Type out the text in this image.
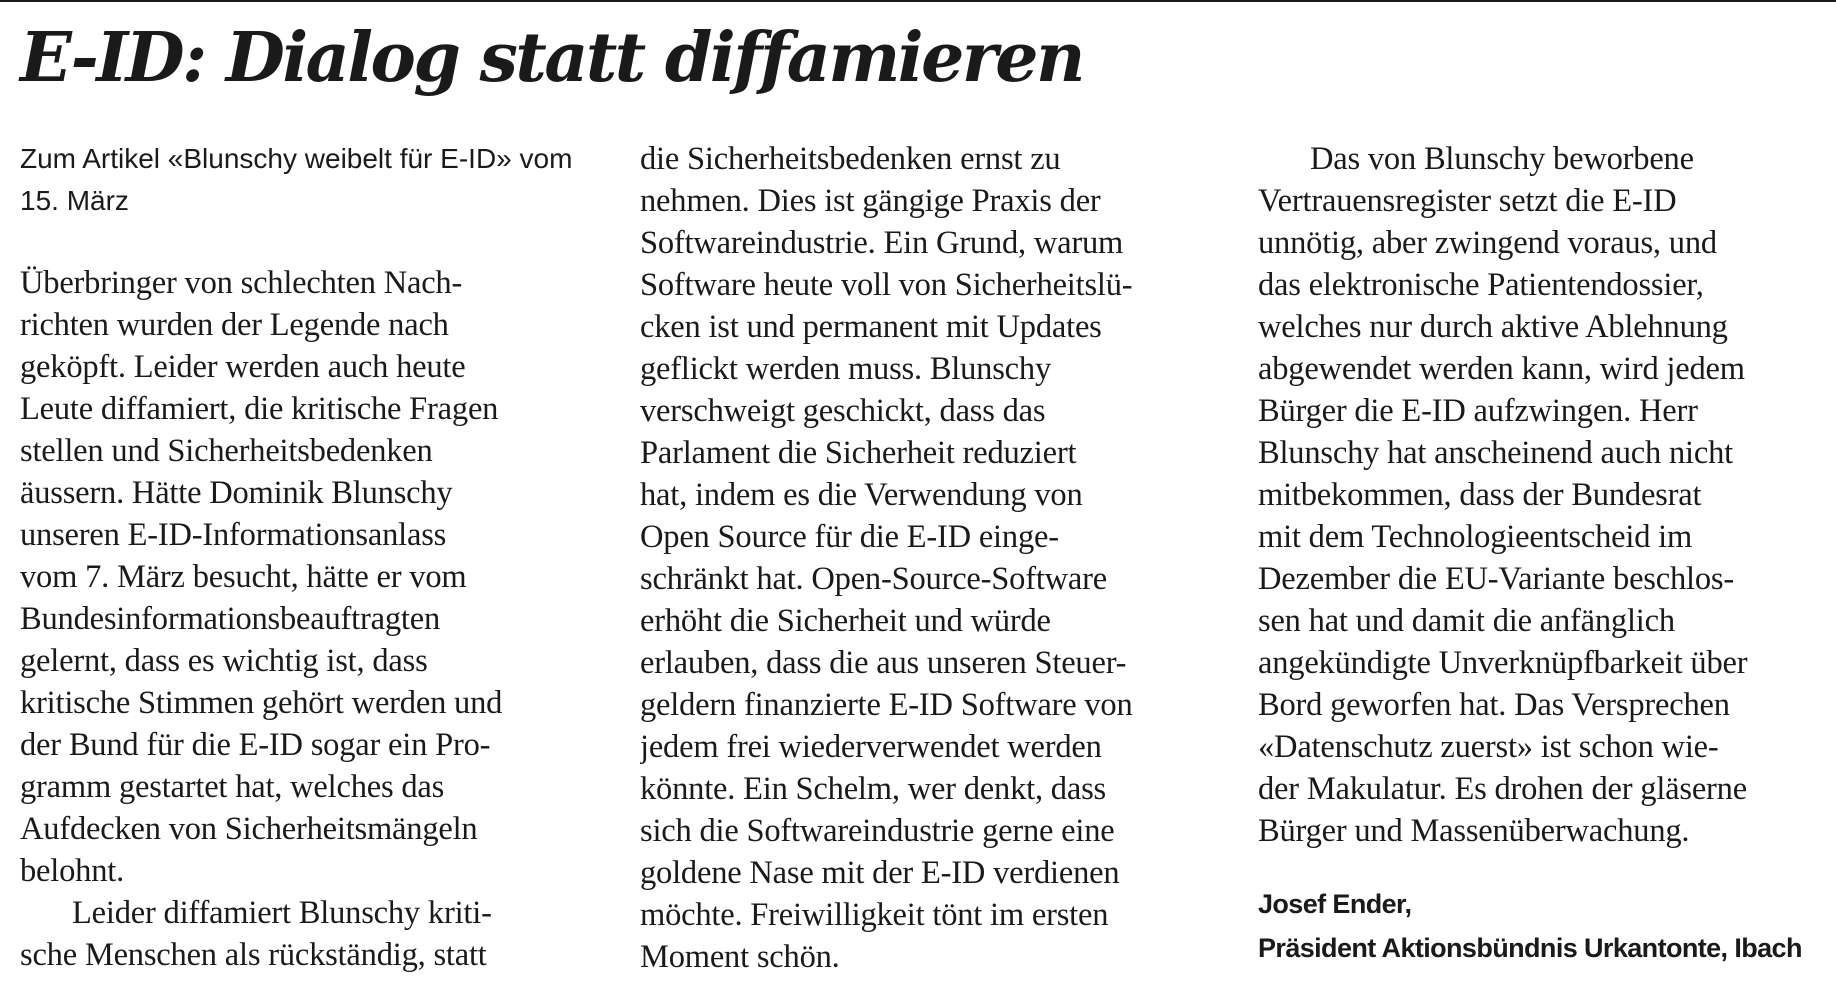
E-ID: Dialog statt diffamieren

Zum Artikel «Blunschy weibelt für E-ID» vom 15. März

Überbringer von schlechten Nach-
richten wurden der Legende nach
geköpft. Leider werden auch heute
Leute diffamiert, die kritische Fragen
stellen und Sicherheitsbedenken
äussern. Hätte Dominik Blunschy
unseren E-ID-Informationsanlass
vom 7. März besucht, hätte er vom
Bundesinformationsbeauftragten
gelernt, dass es wichtig ist, dass
kritische Stimmen gehört werden und
der Bund für die E-ID sogar ein Pro-
gramm gestartet hat, welches das
Aufdecken von Sicherheitsmängeln
belohnt.

Leider diffamiert Blunschy kriti-
sche Menschen als rückständig, statt

die Sicherheitsbedenken ernst zu
nehmen. Dies ist gängige Praxis der
Softwareindustrie. Ein Grund, warum
Software heute voll von Sicherheitslü-
cken ist und permanent mit Updates
geflickt werden muss. Blunschy
verschweigt geschickt, dass das
Parlament die Sicherheit reduziert
hat, indem es die Verwendung von
Open Source für die E-ID einge-
schränkt hat. Open-Source-Software
erhöht die Sicherheit und würde
erlauben, dass die aus unseren Steuer-
geldern finanzierte E-ID Software von
jedem frei wiederverwendet werden
könnte. Ein Schelm, wer denkt, dass
sich die Softwareindustrie gerne eine
goldene Nase mit der E-ID verdienen
möchte. Freiwilligkeit tönt im ersten
Moment schön.

Das von Blunschy beworbene
Vertrauensregister setzt die E-ID
unnötig, aber zwingend voraus, und
das elektronische Patientendossier,
welches nur durch aktive Ablehnung
abgewendet werden kann, wird jedem
Bürger die E-ID aufzwingen. Herr
Blunschy hat anscheinend auch nicht
mitbekommen, dass der Bundesrat
mit dem Technologieentscheid im
Dezember die EU-Variante beschlos-
sen hat und damit die anfänglich
angekündigte Unverknüpfbarkeit über
Bord geworfen hat. Das Versprechen
«Datenschutz zuerst» ist schon wie-
der Makulatur. Es drohen der gläserne
Bürger und Massenüberwachung.

Josef Ender,
Präsident Aktionsbündnis Urkantonte, Ibach
